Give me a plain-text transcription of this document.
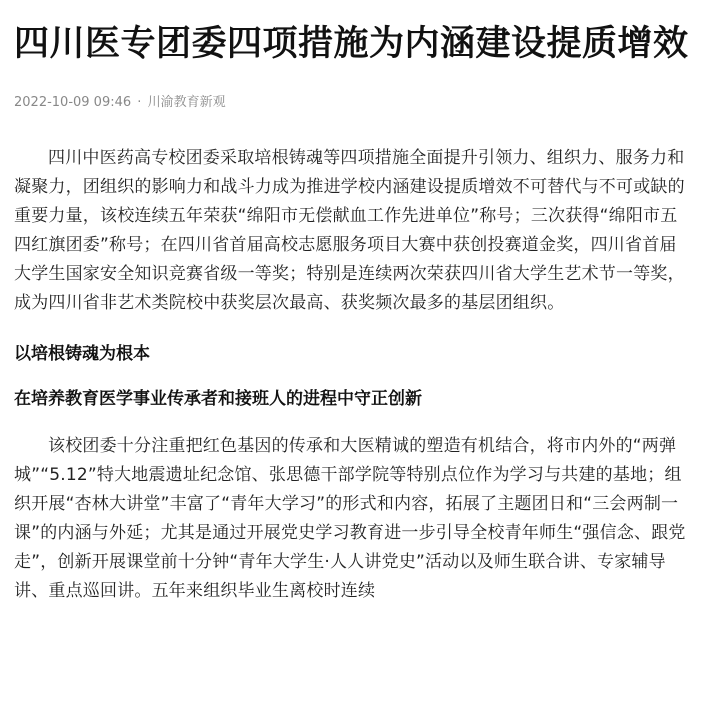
四川医专团委四项措施为内涵建设提质增效
2022-10-09 09:46 · 川渝教育新观

四川中医药高专校团委采取培根铸魂等四项措施全面提升引领力、组织力、服务力和凝聚力，团组织的影响力和战斗力成为推进学校内涵建设提质增效不可替代与不可或缺的重要力量，该校连续五年荣获“绵阳市无偿献血工作先进单位”称号；三次获得“绵阳市五四红旗团委”称号；在四川省首届高校志愿服务项目大赛中获创投赛道金奖，四川省首届大学生国家安全知识竞赛省级一等奖；特别是连续两次荣获四川省大学生艺术节一等奖，成为四川省非艺术类院校中获奖层次最高、获奖频次最多的基层团组织。

以培根铸魂为根本

在培养教育医学事业传承者和接班人的进程中守正创新

该校团委十分注重把红色基因的传承和大医精诚的塑造有机结合，将市内外的“两弹城”“5.12”特大地震遗址纪念馆、张思德干部学院等特别点位作为学习与共建的基地；组织开展“杏林大讲堂”丰富了“青年大学习”的形式和内容，拓展了主题团日和“三会两制一课”的内涵与外延；尤其是通过开展党史学习教育进一步引导全校青年师生“强信念、跟党走”，创新开展课堂前十分钟“青年大学生·人人讲党史”活动以及师生联合讲、专家辅导讲、重点巡回讲。五年来组织毕业生离校时连续
